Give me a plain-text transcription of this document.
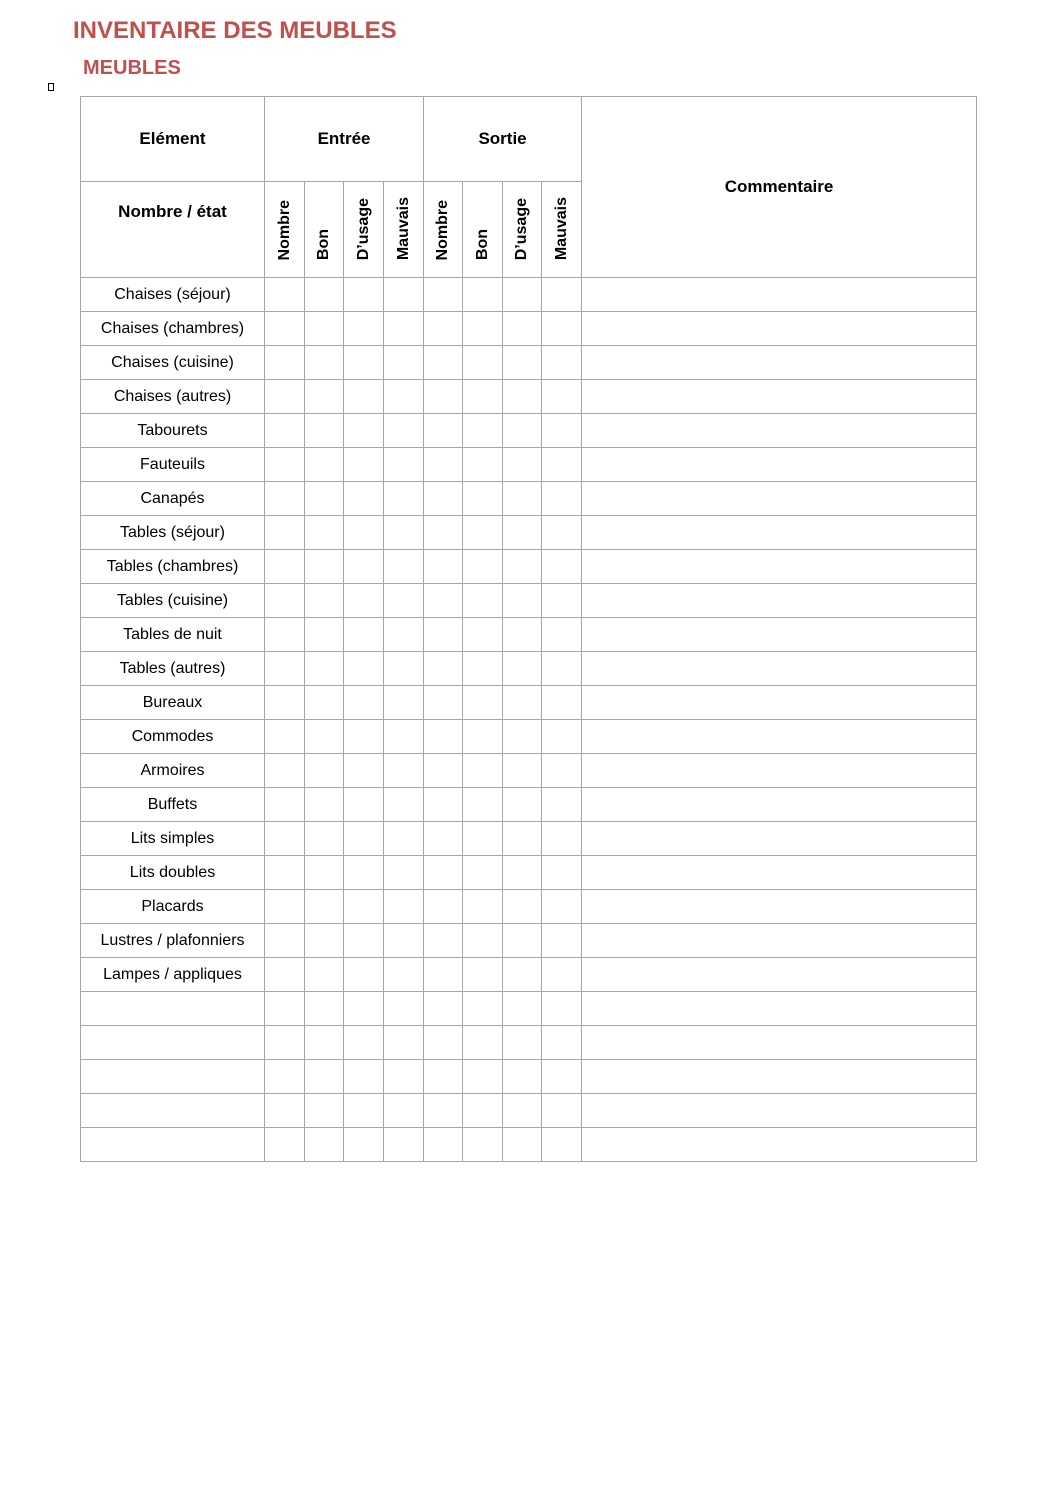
INVENTAIRE DES MEUBLES
MEUBLES
Elément	Entrée				Sortie				Commentaire
Nombre / état	Nombre	Bon	D’usage	Mauvais	Nombre	Bon	D’usage	Mauvais	
Chaises (séjour)									
Chaises (chambres)									
Chaises (cuisine)									
Chaises (autres)									
Tabourets									
Fauteuils									
Canapés									
Tables (séjour)									
Tables (chambres)									
Tables (cuisine)									
Tables de nuit									
Tables (autres)									
Bureaux									
Commodes									
Armoires									
Buffets									
Lits simples									
Lits doubles									
Placards									
Lustres / plafonniers									
Lampes / appliques									
